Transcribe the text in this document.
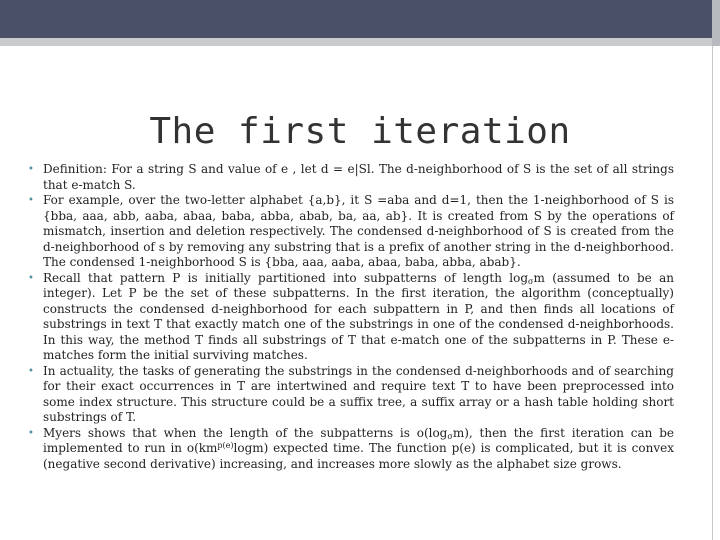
The first iteration
• Definition: For a string S and value of e , let d = e|Sl. The d-neighborhood of S is the set of all strings that e-match S.
• For example, over the two-letter alphabet {a,b}, it S =aba and d=1, then the 1-neighborhood of S is {bba, aaa, abb, aaba, abaa, baba, abba, abab, ba, aa, ab}. It is created from S by the operations of mismatch, insertion and deletion respectively. The condensed d-neighborhood of S is created from the d-neighborhood of s by removing any substring that is a prefix of another string in the d-neighborhood. The condensed 1-neighborhood S is {bba, aaa, aaba, abaa, baba, abba, abab}.
• Recall that pattern P is initially partitioned into subpatterns of length $\log_\sigma m$ (assumed to be an integer). Let P be the set of these subpatterns. In the first iteration, the algorithm (conceptually) constructs the condensed d-neighborhood for each subpattern in P, and then finds all locations of substrings in text T that exactly match one of the substrings in one of the condensed d-neighborhoods. In this way, the method T finds all substrings of T that e-match one of the subpatterns in P. These e-matches form the initial surviving matches.
• In actuality, the tasks of generating the substrings in the condensed d-neighborhoods and of searching for their exact occurrences in T are intertwined and require text T to have been preprocessed into some index structure. This structure could be a suffix tree, a suffix array or a hash table holding short substrings of T.
• Myers shows that when the length of the subpatterns is $o(\log_\sigma m)$, then the first iteration can be implemented to run in $o(km^{p(e)}\log m)$ expected time. The function p(e) is complicated, but it is convex (negative second derivative) increasing, and increases more slowly as the alphabet size grows.
